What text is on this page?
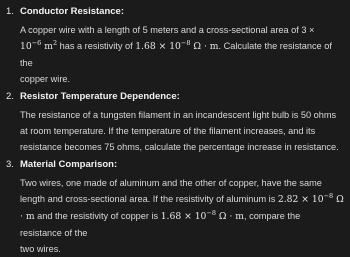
1. Conductor Resistance:
A copper wire with a length of 5 meters and a cross-sectional area of 3 ×
$10^{-6}$ $m^2$ has a resistivity of $1.68 \times 10^{-8}$ Ω · m. Calculate the resistance of the
copper wire.
2. Resistor Temperature Dependence:
The resistance of a tungsten filament in an incandescent light bulb is 50 ohms at room temperature. If the temperature of the filament increases, and its resistance becomes 75 ohms, calculate the percentage increase in resistance.
3. Material Comparison:
Two wires, one made of aluminum and the other of copper, have the same length and cross-sectional area. If the resistivity of aluminum is $2.82 \times 10^{-8}$ Ω · m and the resistivity of copper is $1.68 \times 10^{-8}$ Ω · m, compare the resistance of the
two wires.
